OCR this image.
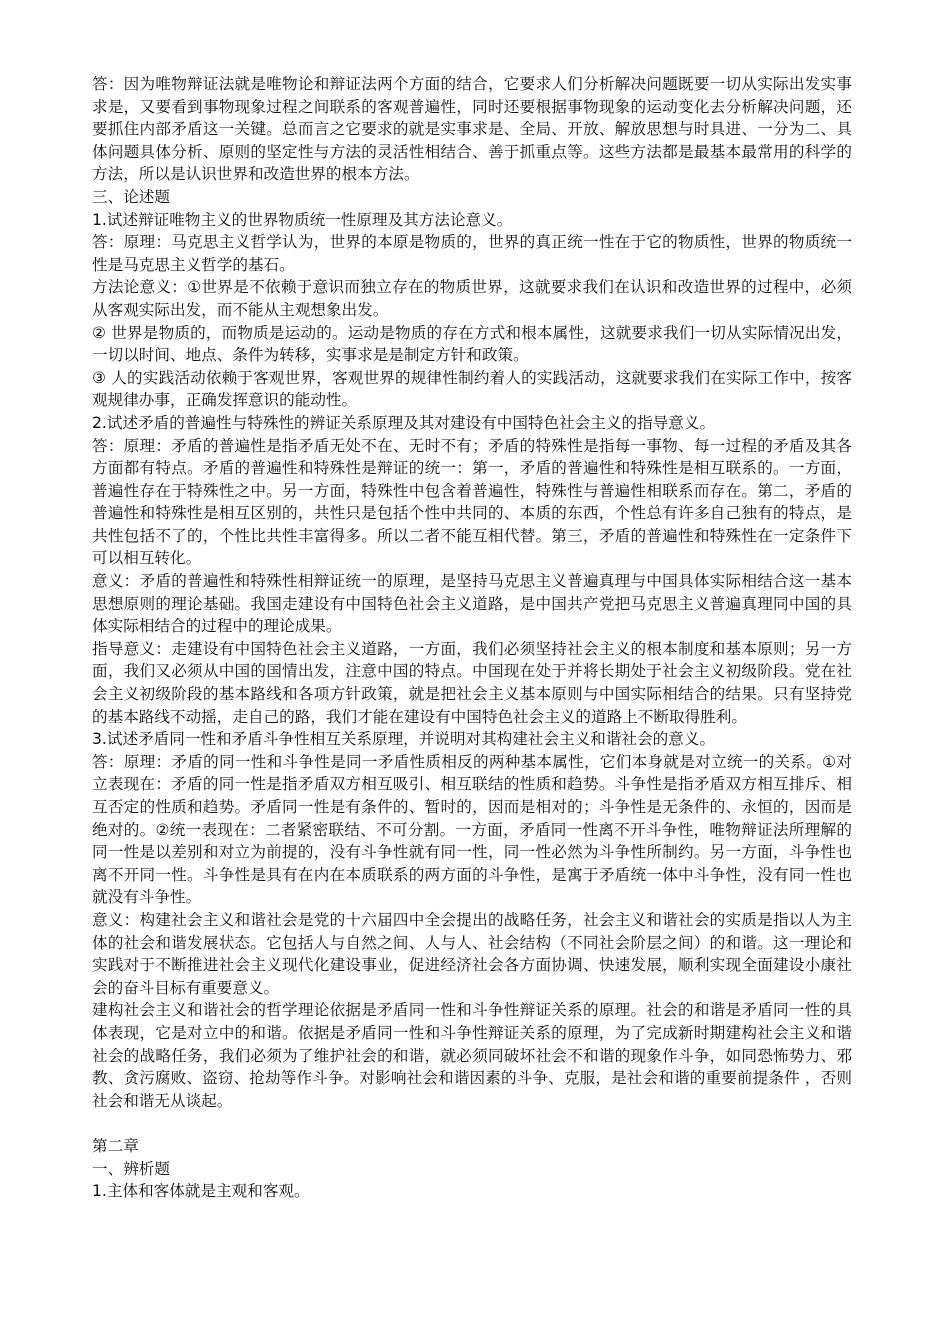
答：因为唯物辩证法就是唯物论和辩证法两个方面的结合，它要求人们分析解决问题既要一切从实际出发实事求是，又要看到事物现象过程之间联系的客观普遍性，同时还要根据事物现象的运动变化去分析解决问题，还要抓住内部矛盾这一关键。总而言之它要求的就是实事求是、全局、开放、解放思想与时具进、一分为二、具体问题具体分析、原则的坚定性与方法的灵活性相结合、善于抓重点等。这些方法都是最基本最常用的科学的方法，所以是认识世界和改造世界的根本方法。

三、论述题

1.试述辩证唯物主义的世界物质统一性原理及其方法论意义。

答：原理：马克思主义哲学认为，世界的本原是物质的，世界的真正统一性在于它的物质性，世界的物质统一性是马克思主义哲学的基石。

方法论意义：①世界是不依赖于意识而独立存在的物质世界，这就要求我们在认识和改造世界的过程中，必须从客观实际出发，而不能从主观想象出发。

② 世界是物质的，而物质是运动的。运动是物质的存在方式和根本属性，这就要求我们一切从实际情况出发，一切以时间、地点、条件为转移，实事求是是制定方针和政策。

③ 人的实践活动依赖于客观世界，客观世界的规律性制约着人的实践活动，这就要求我们在实际工作中，按客观规律办事，正确发挥意识的能动性。

2.试述矛盾的普遍性与特殊性的辨证关系原理及其对建设有中国特色社会主义的指导意义。

答：原理：矛盾的普遍性是指矛盾无处不在、无时不有；矛盾的特殊性是指每一事物、每一过程的矛盾及其各方面都有特点。矛盾的普遍性和特殊性是辩证的统一：第一，矛盾的普遍性和特殊性是相互联系的。一方面，普遍性存在于特殊性之中。另一方面，特殊性中包含着普遍性，特殊性与普遍性相联系而存在。第二，矛盾的普遍性和特殊性是相互区别的，共性只是包括个性中共同的、本质的东西，个性总有许多自己独有的特点，是共性包括不了的，个性比共性丰富得多。所以二者不能互相代替。第三，矛盾的普遍性和特殊性在一定条件下可以相互转化。

意义：矛盾的普遍性和特殊性相辩证统一的原理，是坚持马克思主义普遍真理与中国具体实际相结合这一基本思想原则的理论基础。我国走建设有中国特色社会主义道路，是中国共产党把马克思主义普遍真理同中国的具体实际相结合的过程中的理论成果。

指导意义：走建设有中国特色社会主义道路，一方面，我们必须坚持社会主义的根本制度和基本原则；另一方面，我们又必须从中国的国情出发，注意中国的特点。中国现在处于并将长期处于社会主义初级阶段。党在社会主义初级阶段的基本路线和各项方针政策，就是把社会主义基本原则与中国实际相结合的结果。只有坚持党的基本路线不动摇，走自己的路，我们才能在建设有中国特色社会主义的道路上不断取得胜利。

3.试述矛盾同一性和矛盾斗争性相互关系原理，并说明对其构建社会主义和谐社会的意义。

答：原理：矛盾的同一性和斗争性是同一矛盾性质相反的两种基本属性，它们本身就是对立统一的关系。①对立表现在：矛盾的同一性是指矛盾双方相互吸引、相互联结的性质和趋势。斗争性是指矛盾双方相互排斥、相互否定的性质和趋势。矛盾同一性是有条件的、暂时的，因而是相对的；斗争性是无条件的、永恒的，因而是绝对的。②统一表现在：二者紧密联结、不可分割。一方面，矛盾同一性离不开斗争性，唯物辩证法所理解的同一性是以差别和对立为前提的，没有斗争性就有同一性，同一性必然为斗争性所制约。另一方面，斗争性也离不开同一性。斗争性是具有在内在本质联系的两方面的斗争性，是寓于矛盾统一体中斗争性，没有同一性也就没有斗争性。

意义：构建社会主义和谐社会是党的十六届四中全会提出的战略任务，社会主义和谐社会的实质是指以人为主体的社会和谐发展状态。它包括人与自然之间、人与人、社会结构（不同社会阶层之间）的和谐。这一理论和实践对于不断推进社会主义现代化建设事业，促进经济社会各方面协调、快速发展，顺利实现全面建设小康社会的奋斗目标有重要意义。

建构社会主义和谐社会的哲学理论依据是矛盾同一性和斗争性辩证关系的原理。社会的和谐是矛盾同一性的具体表现，它是对立中的和谐。依据是矛盾同一性和斗争性辩证关系的原理，为了完成新时期建构社会主义和谐社会的战略任务，我们必须为了维护社会的和谐，就必须同破坏社会不和谐的现象作斗争，如同恐怖势力、邪教、贪污腐败、盗窃、抢劫等作斗争。对影响社会和谐因素的斗争、克服，是社会和谐的重要前提条件 ，否则社会和谐无从谈起。

第二章

一、辨析题

1.主体和客体就是主观和客观。
